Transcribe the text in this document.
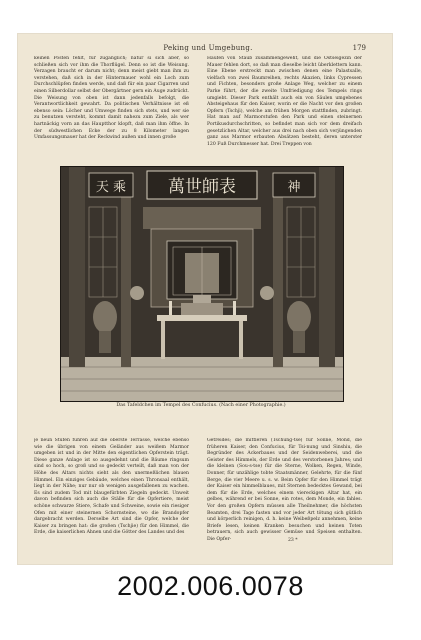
Peking und Umgebung.	179
keinen Posten fehlt, für zugänglich; natür si sich aber, so schließen sich vor ihm die Thorflügel. Denn so ist die Weisung. Verzagen braucht er darum nicht; denn meist giebt man ihm zu verstehen, daß sich in der Hintermauer wohl ein Loch zum Durchschlüpfen finden werde, und daß für ein paar Cigarren und einen Silberdollar selbst der Obergärtner gern ein Auge zudrückt. Die Weisung von oben ist dann jedenfalls befolgt, die Verantwortlichkeit gewahrt. Da politischen Verhältnisse ist eß ebenso sein: Löcher und Umwege finden sich stets, und wer sie zu benutzen versteht, kommt damit nahezu zum Ziele, als wer hartnäckig vorn an das Hauptthor klopft, daß man ihm öffne. In der südwestlichen Ecke der zu 8 Kilometer langen Umfassungsmauer hat der Reckwind außen und innen große
Haufen von Staub zusammengeweht, und die Ostseigezin der Mauer fehlen dort, so daß man dieselbe leicht überklettern kann. Eine Ebene erstreckt man zwischen denen eine Palastsalle, vielfach von zwei Baumreihen, rechts Akazien, links Cypressen und Fichten, besonders große Anlage Weg, welcher zu einem Parke führt, der die zweite Umfriedigung des Tempels rings umgiebt. Dieser Park enthält auch ein von Säulen umgebenes Absteigehaus für den Kaiser, worin er die Nacht vor den großen Opfern (Tschji), welche am frühen Morgen stattfinden, zubringt. Hat man auf Marmorstufen den Park und einen steinernen Portikusdurchschritten, so befindet man sich vor dem dreifach gesetzlichen Altar, welcher aus drei nach oben sich verjüngenden ganz aus Marmor erbauten Absätzen besteht, deren unterster 120 Fuß Durchmesser hat. Drei Treppen von
萬世師表
天 乘	神
Das Tafeldchen im Tempel des Confucius. (Nach einer Photographie.)
je neun Stufen führen auf die oberste Terrasse, welche ebenso wie die übrigen von einem Geländer aus weißem Marmor umgeben ist und in der Mitte den eigentlichen Opferstein trägt. Diese ganze Anlage ist so ausgedehnt und die Bäume ringsum sind so hoch, so groß und so gedeckt verteilt, daß man von der Höhe des Altars nichts sieht als den unermeßlichen blauen Himmel. Ein einziges Gebäude, welches einen Thronsaal enthält, liegt in der Nähe; nur nur ob wenigen ausgefallenen zu wachen. Es sind zudem Tod mit blaugefürbten Ziegeln gedeckt. Unweit davon befinden sich auch die Ställe für die Opfertiere, meist schöne schwarze Stiere, Schafe und Schweine, sowie ein riesiger Ofen mit einer steinernen Schornsteine, wo die Brandopfer dargebracht werden. Derselbe Art sind die Opfer, welche der Kaiser zu bringen hat: die großen (Tschjie) für den Himmel, die Erde, die kaiserlichen Ahnen und die Götter des Landes und des
Getreides; die mittleren (Tschung-tse) für Sonne, Mond, die früheren Kaiser, den Confucius, für Tsi-nung und Sinshiu, die Begründer des Ackerbaues und der Seidenweberei, und die Geister des Himmels, der Erde und des verstorbenen Jahres; und die kleinen (Sou-s-tse) für die Sterne, Wolken, Regen, Winde, Donner, für unzählige tobte Staatsmänner, Gelehrte, für die fünf Berge, die vier Meere u. s. w. Beim Opfer für den Himmel trägt der Kaiser ein himmelblaues, mit Sternen bedecktes Gewand, bei dem für die Erde, welches einem viereckigen Altar hat, ein gelbes, während er bei Sonne, ein rotes, dem Monde, ein fahles. Vor den großen Opfern müssen alle Theilnehmer, die höchsten Beamten, drei Tage fasten und vor jeder Art tötung sich gütlich und körperlich reinigen, d. h. keine Weibeßpelz annehmen, keine Briefe lesen, keinen Kranken besuchen und keinen Toten betrauern, sich auch gewisser Gemüse und Speisen enthalten. Die Opfer-	23 *
2002.006.0078
